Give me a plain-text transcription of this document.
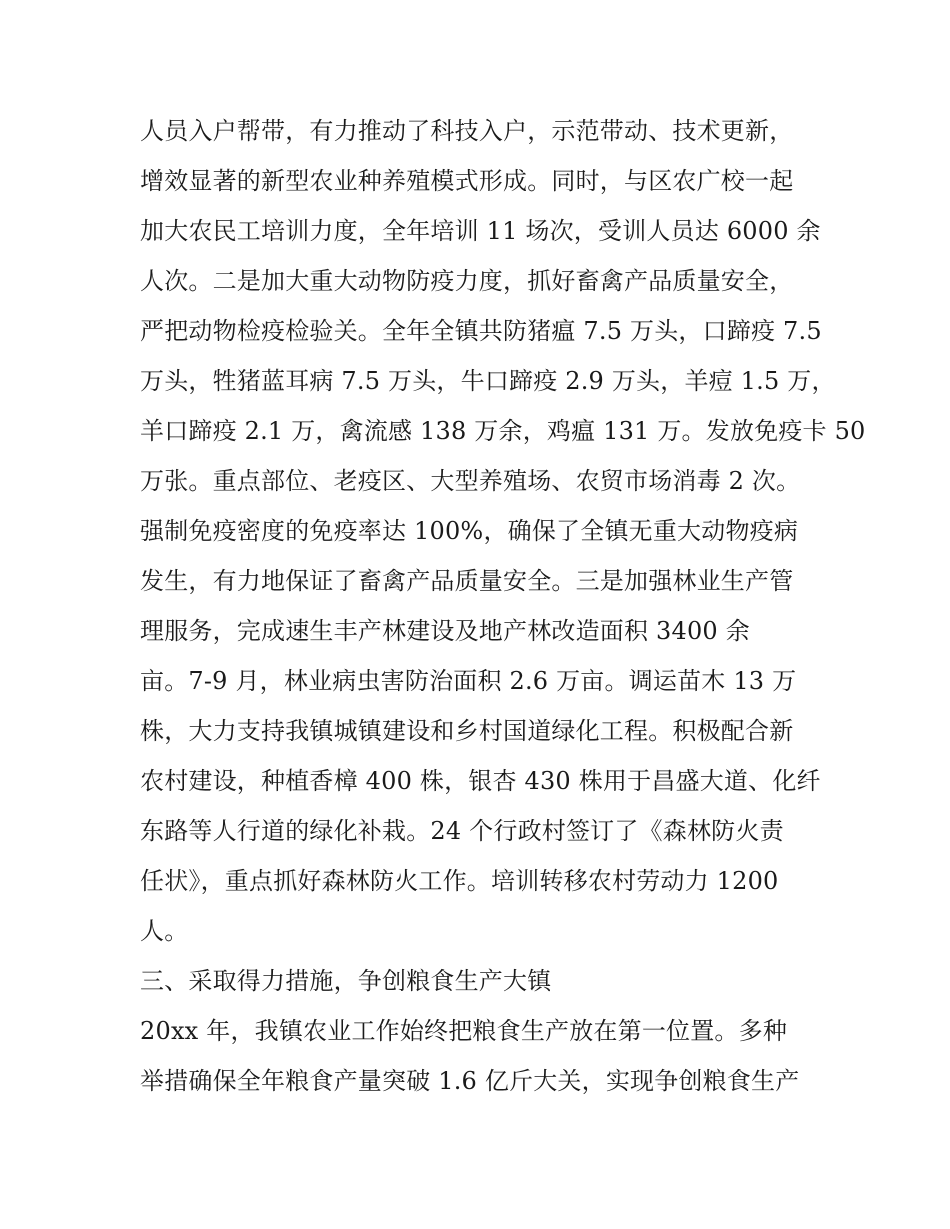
人员入户帮带，有力推动了科技入户，示范带动、技术更新，
增效显著的新型农业种养殖模式形成。同时，与区农广校一起
加大农民工培训力度，全年培训 11 场次，受训人员达 6000 余
人次。二是加大重大动物防疫力度，抓好畜禽产品质量安全，
严把动物检疫检验关。全年全镇共防猪瘟 7.5 万头，口蹄疫 7.5
万头，牲猪蓝耳病 7.5 万头，牛口蹄疫 2.9 万头，羊痘 1.5 万，
羊口蹄疫 2.1 万，禽流感 138 万余，鸡瘟 131 万。发放免疫卡 50
万张。重点部位、老疫区、大型养殖场、农贸市场消毒 2 次。
强制免疫密度的免疫率达 100%，确保了全镇无重大动物疫病
发生，有力地保证了畜禽产品质量安全。三是加强林业生产管
理服务，完成速生丰产林建设及地产林改造面积 3400 余
亩。7-9 月，林业病虫害防治面积 2.6 万亩。调运苗木 13 万
株，大力支持我镇城镇建设和乡村国道绿化工程。积极配合新
农村建设，种植香樟 400 株，银杏 430 株用于昌盛大道、化纤
东路等人行道的绿化补栽。24 个行政村签订了《森林防火责
任状》，重点抓好森林防火工作。培训转移农村劳动力 1200
人。
三、采取得力措施，争创粮食生产大镇
20xx 年，我镇农业工作始终把粮食生产放在第一位置。多种
举措确保全年粮食产量突破 1.6 亿斤大关，实现争创粮食生产
